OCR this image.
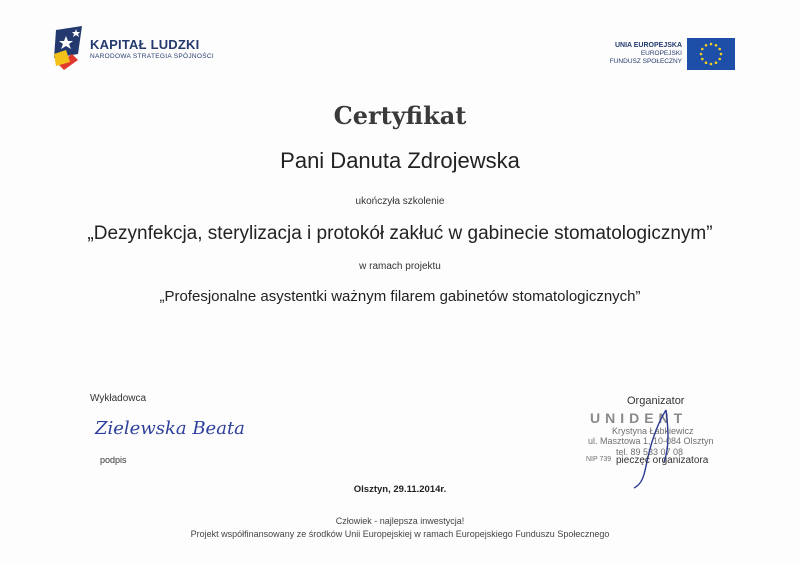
KAPITAŁ LUDZKI
NARODOWA STRATEGIA SPÓJNOŚCI
UNIA EUROPEJSKA
EUROPEJSKI
FUNDUSZ SPOŁECZNY
Certyfikat
Pani Danuta Zdrojewska
ukończyła szkolenie
„Dezynfekcja, sterylizacja i protokół zakłuć w gabinecie stomatologicznym”
w ramach projektu
„Profesjonalne asystentki ważnym filarem gabinetów stomatologicznych”
Wykładowca
Zielewska Beata
podpis
Organizator
UNIDENT
Krystyna Łabkiewicz
ul. Masztowa 1, 10-084 Olsztyn
tel. 89 533 07 08
NIP 739 pieczęć organizatora
Olsztyn, 29.11.2014r.
Człowiek - najlepsza inwestycja!
Projekt współfinansowany ze środków Unii Europejskiej w ramach Europejskiego Funduszu Społecznego
